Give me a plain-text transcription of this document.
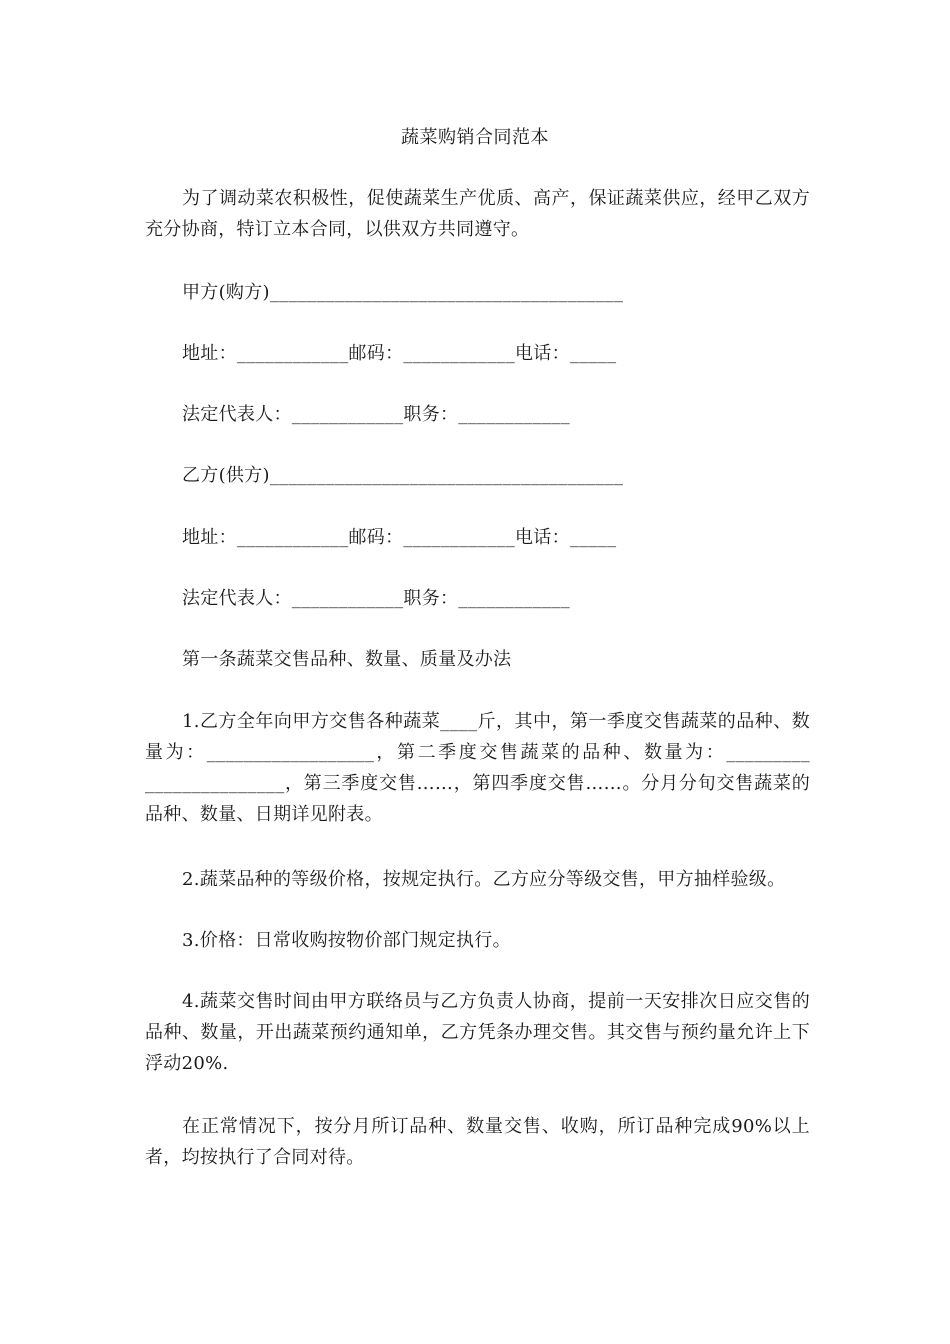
蔬菜购销合同范本
为了调动菜农积极性，促使蔬菜生产优质、高产，保证蔬菜供应，经甲乙双方充分协商，特订立本合同，以供双方共同遵守。
甲方(购方)______________________________________
地址：____________邮码：____________电话：_____
法定代表人：____________职务：____________
乙方(供方)______________________________________
地址：____________邮码：____________电话：_____
法定代表人：____________职务：____________
第一条蔬菜交售品种、数量、质量及办法
1.乙方全年向甲方交售各种蔬菜____斤，其中，第一季度交售蔬菜的品种、数量为：__________________，第二季度交售蔬菜的品种、数量为：_________ _______________，第三季度交售……，第四季度交售……。分月分旬交售蔬菜的品种、数量、日期详见附表。
2.蔬菜品种的等级价格，按规定执行。乙方应分等级交售，甲方抽样验级。
3.价格：日常收购按物价部门规定执行。
4.蔬菜交售时间由甲方联络员与乙方负责人协商，提前一天安排次日应交售的品种、数量，开出蔬菜预约通知单，乙方凭条办理交售。其交售与预约量允许上下浮动20%.
在正常情况下，按分月所订品种、数量交售、收购，所订品种完成90%以上者，均按执行了合同对待。
